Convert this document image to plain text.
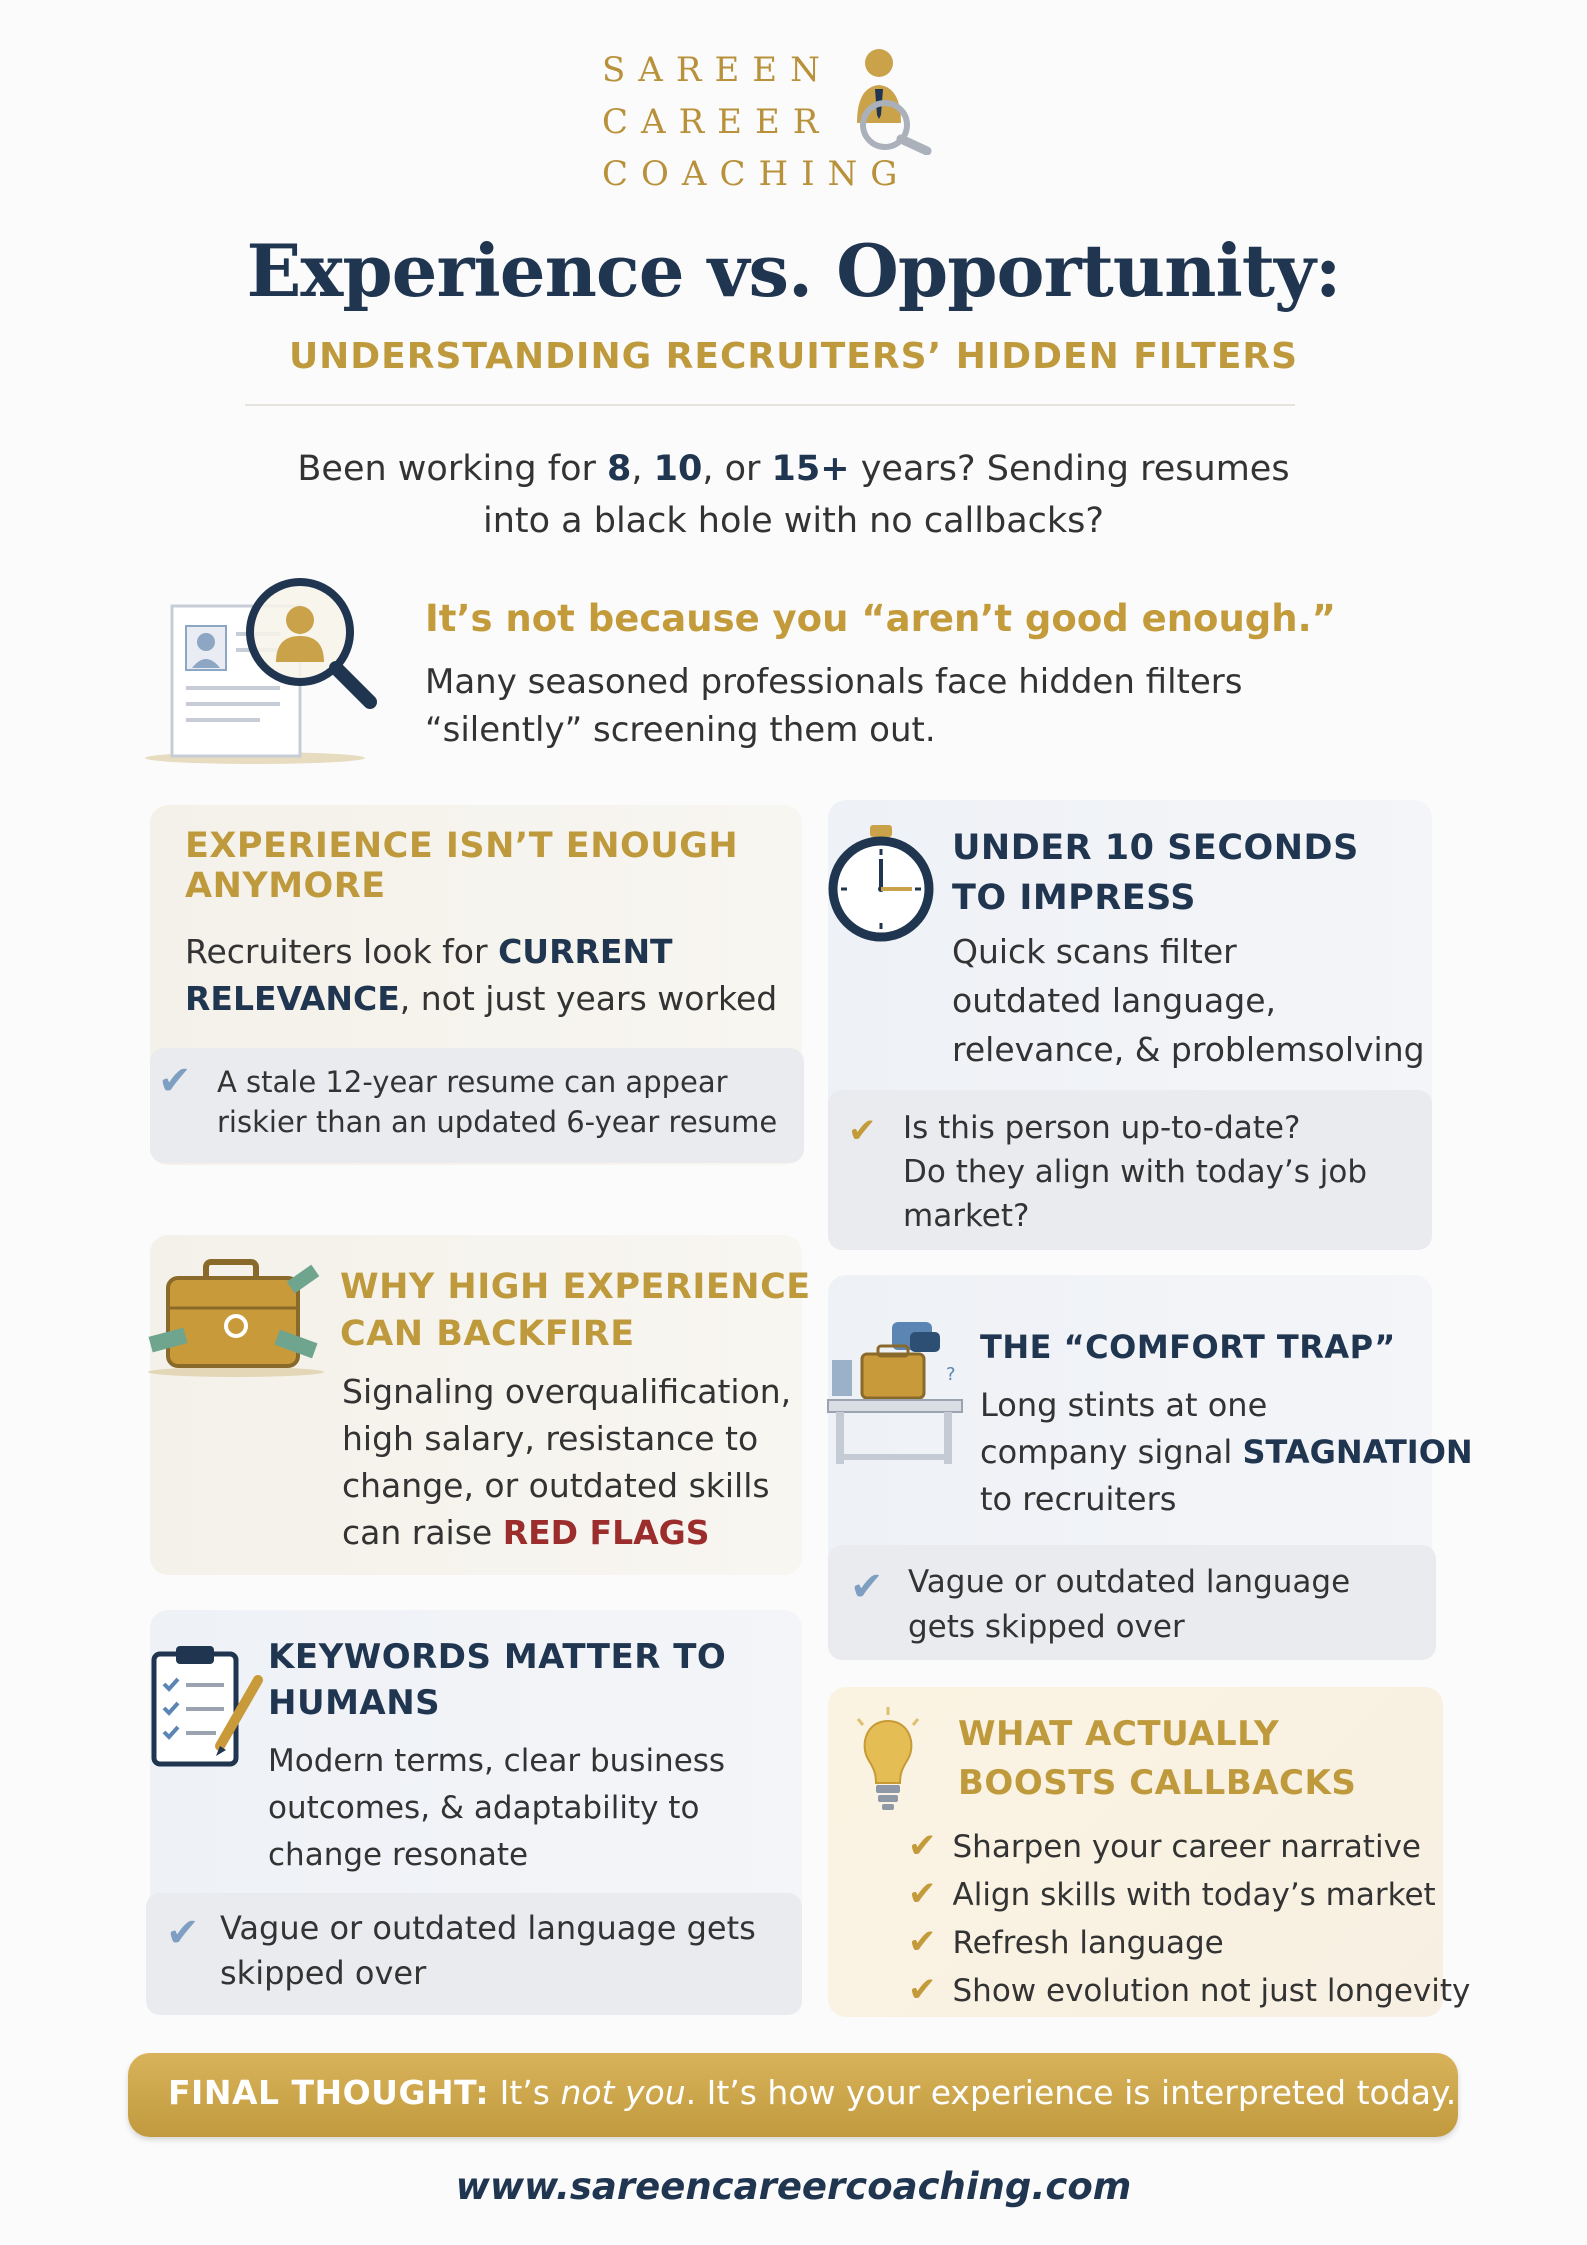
SAREEN
CAREER
COACHING
Experience vs. Opportunity:
UNDERSTANDING RECRUITERS’ HIDDEN FILTERS
Been working for 8, 10, or 15+ years? Sending resumes
into a black hole with no callbacks?
It’s not because you “aren’t good enough.”
Many seasoned professionals face hidden filters
“silently” screening them out.
EXPERIENCE ISN’T ENOUGH
ANYMORE
Recruiters look for CURRENT
RELEVANCE, not just years worked
✔ A stale 12-year resume can appear
riskier than an updated 6-year resume
UNDER 10 SECONDS
TO IMPRESS
Quick scans filter
outdated language,
relevance, & problemsolving
✔ Is this person up-to-date?
Do they align with today’s job
market?
WHY HIGH EXPERIENCE
CAN BACKFIRE
Signaling overqualification,
high salary, resistance to
change, or outdated skills
can raise RED FLAGS
?
THE “COMFORT TRAP”
Long stints at one
company signal STAGNATION
to recruiters
✔ Vague or outdated language
gets skipped over
KEYWORDS MATTER TO
HUMANS
Modern terms, clear business
outcomes, & adaptability to
change resonate
✔ Vague or outdated language gets
skipped over
WHAT ACTUALLY
BOOSTS CALLBACKS
✔ Sharpen your career narrative
✔ Align skills with today’s market
✔ Refresh language
✔ Show evolution not just longevity
FINAL THOUGHT: It’s not you. It’s how your experience is interpreted today.
www.sareencareercoaching.com
